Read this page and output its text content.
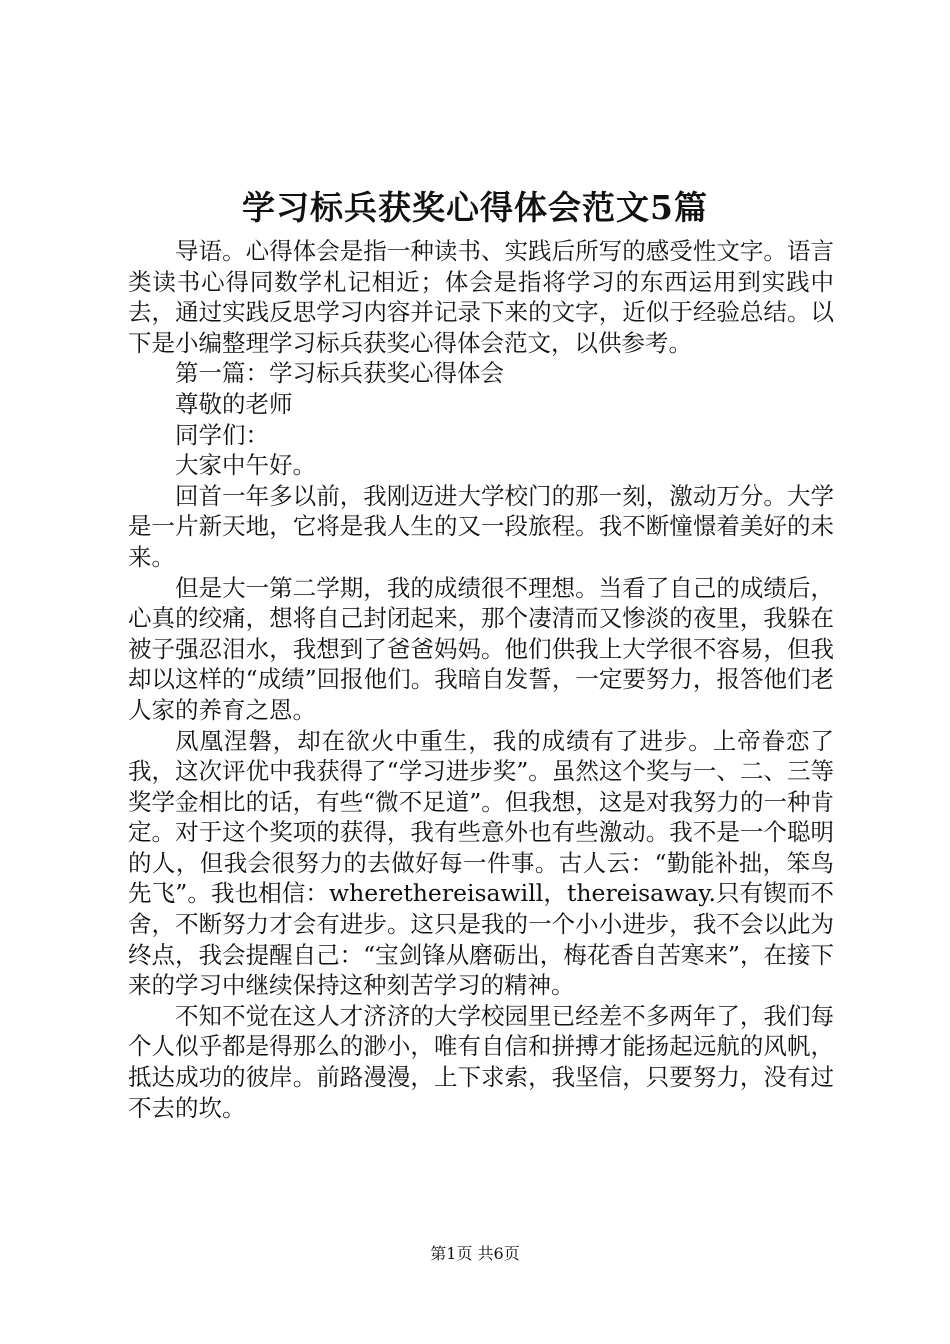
学习标兵获奖心得体会范文5篇

导语。心得体会是指一种读书、实践后所写的感受性文字。语言类读书心得同数学札记相近；体会是指将学习的东西运用到实践中去，通过实践反思学习内容并记录下来的文字，近似于经验总结。以下是小编整理学习标兵获奖心得体会范文，以供参考。

第一篇：学习标兵获奖心得体会

尊敬的老师

同学们：

大家中午好。

回首一年多以前，我刚迈进大学校门的那一刻，激动万分。大学是一片新天地，它将是我人生的又一段旅程。我不断憧憬着美好的未来。

但是大一第二学期，我的成绩很不理想。当看了自己的成绩后，心真的绞痛，想将自己封闭起来，那个凄清而又惨淡的夜里，我躲在被子强忍泪水，我想到了爸爸妈妈。他们供我上大学很不容易，但我却以这样的“成绩”回报他们。我暗自发誓，一定要努力，报答他们老人家的养育之恩。

凤凰涅磐，却在欲火中重生，我的成绩有了进步。上帝眷恋了我，这次评优中我获得了“学习进步奖”。虽然这个奖与一、二、三等奖学金相比的话，有些“微不足道”。但我想，这是对我努力的一种肯定。对于这个奖项的获得，我有些意外也有些激动。我不是一个聪明的人，但我会很努力的去做好每一件事。古人云：“勤能补拙，笨鸟先飞”。我也相信：wherethereisawill，thereisaway.只有锲而不舍，不断努力才会有进步。这只是我的一个小小进步，我不会以此为终点，我会提醒自己：“宝剑锋从磨砺出，梅花香自苦寒来”，在接下来的学习中继续保持这种刻苦学习的精神。

不知不觉在这人才济济的大学校园里已经差不多两年了，我们每个人似乎都是得那么的渺小，唯有自信和拼搏才能扬起远航的风帆，抵达成功的彼岸。前路漫漫，上下求索，我坚信，只要努力，没有过不去的坎。

第1页 共6页
